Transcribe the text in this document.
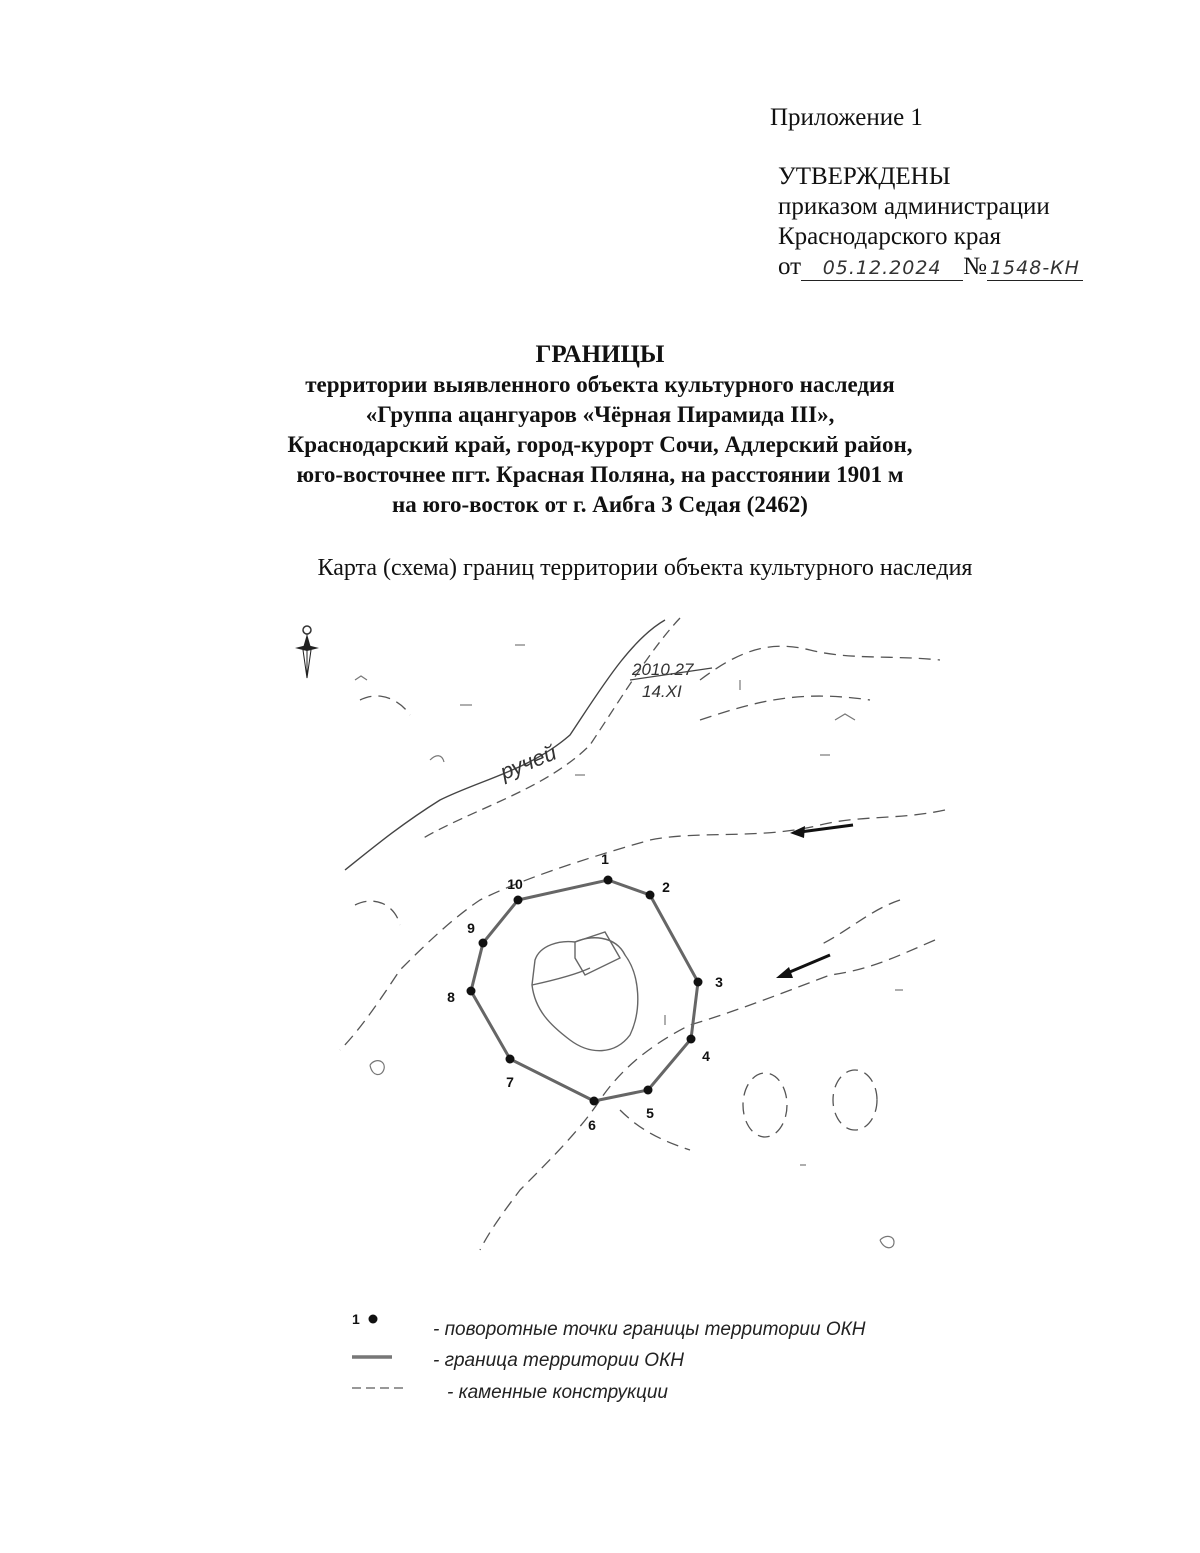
Приложение 1
УТВЕРЖДЕНЫ
приказом администрации
Краснодарского края
от 05.12.2024 № 1548-КН
ГРАНИЦЫ
территории выявленного объекта культурного наследия
«Группа ацангуаров «Чёрная Пирамида III»,
Краснодарский край, город-курорт Сочи, Адлерский район,
юго-восточнее пгт. Красная Поляна, на расстоянии 1901 м
на юго-восток от г. Аибга 3 Седая (2462)
Карта (схема) границ территории объекта культурного наследия
ручей
2010.27
14.XI
1
2
3
4
5
6
7
8
9
10
1	- поворотные точки границы территории ОКН
- граница территории ОКН
- каменные конструкции
